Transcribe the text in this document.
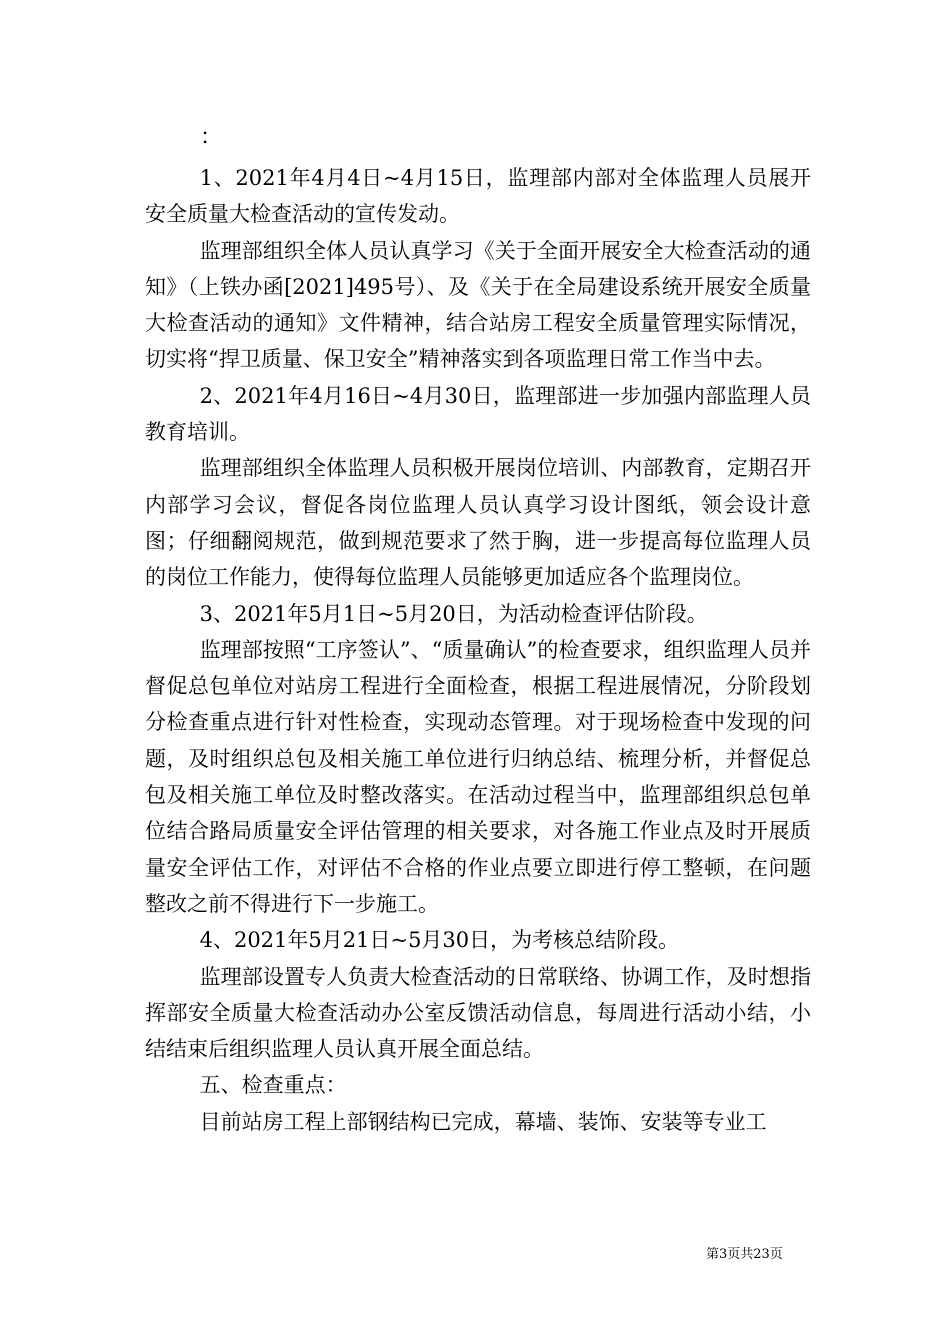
：

1、2021年4月4日~4月15日，监理部内部对全体监理人员展开安全质量大检查活动的宣传发动。

监理部组织全体人员认真学习《关于全面开展安全大检查活动的通知》（上铁办函[2021]495号）、及《关于在全局建设系统开展安全质量大检查活动的通知》文件精神，结合站房工程安全质量管理实际情况，切实将“捍卫质量、保卫安全”精神落实到各项监理日常工作当中去。

2、2021年4月16日~4月30日，监理部进一步加强内部监理人员教育培训。

监理部组织全体监理人员积极开展岗位培训、内部教育，定期召开内部学习会议，督促各岗位监理人员认真学习设计图纸，领会设计意图；仔细翻阅规范，做到规范要求了然于胸，进一步提高每位监理人员的岗位工作能力，使得每位监理人员能够更加适应各个监理岗位。

3、2021年5月1日~5月20日，为活动检查评估阶段。

监理部按照“工序签认”、“质量确认”的检查要求，组织监理人员并督促总包单位对站房工程进行全面检查，根据工程进展情况，分阶段划分检查重点进行针对性检查，实现动态管理。对于现场检查中发现的问题，及时组织总包及相关施工单位进行归纳总结、梳理分析，并督促总包及相关施工单位及时整改落实。在活动过程当中，监理部组织总包单位结合路局质量安全评估管理的相关要求，对各施工作业点及时开展质量安全评估工作，对评估不合格的作业点要立即进行停工整顿，在问题整改之前不得进行下一步施工。

4、2021年5月21日~5月30日，为考核总结阶段。

监理部设置专人负责大检查活动的日常联络、协调工作，及时想指挥部安全质量大检查活动办公室反馈活动信息，每周进行活动小结，小结结束后组织监理人员认真开展全面总结。

五、检查重点：

目前站房工程上部钢结构已完成，幕墙、装饰、安装等专业工

第3页共23页
